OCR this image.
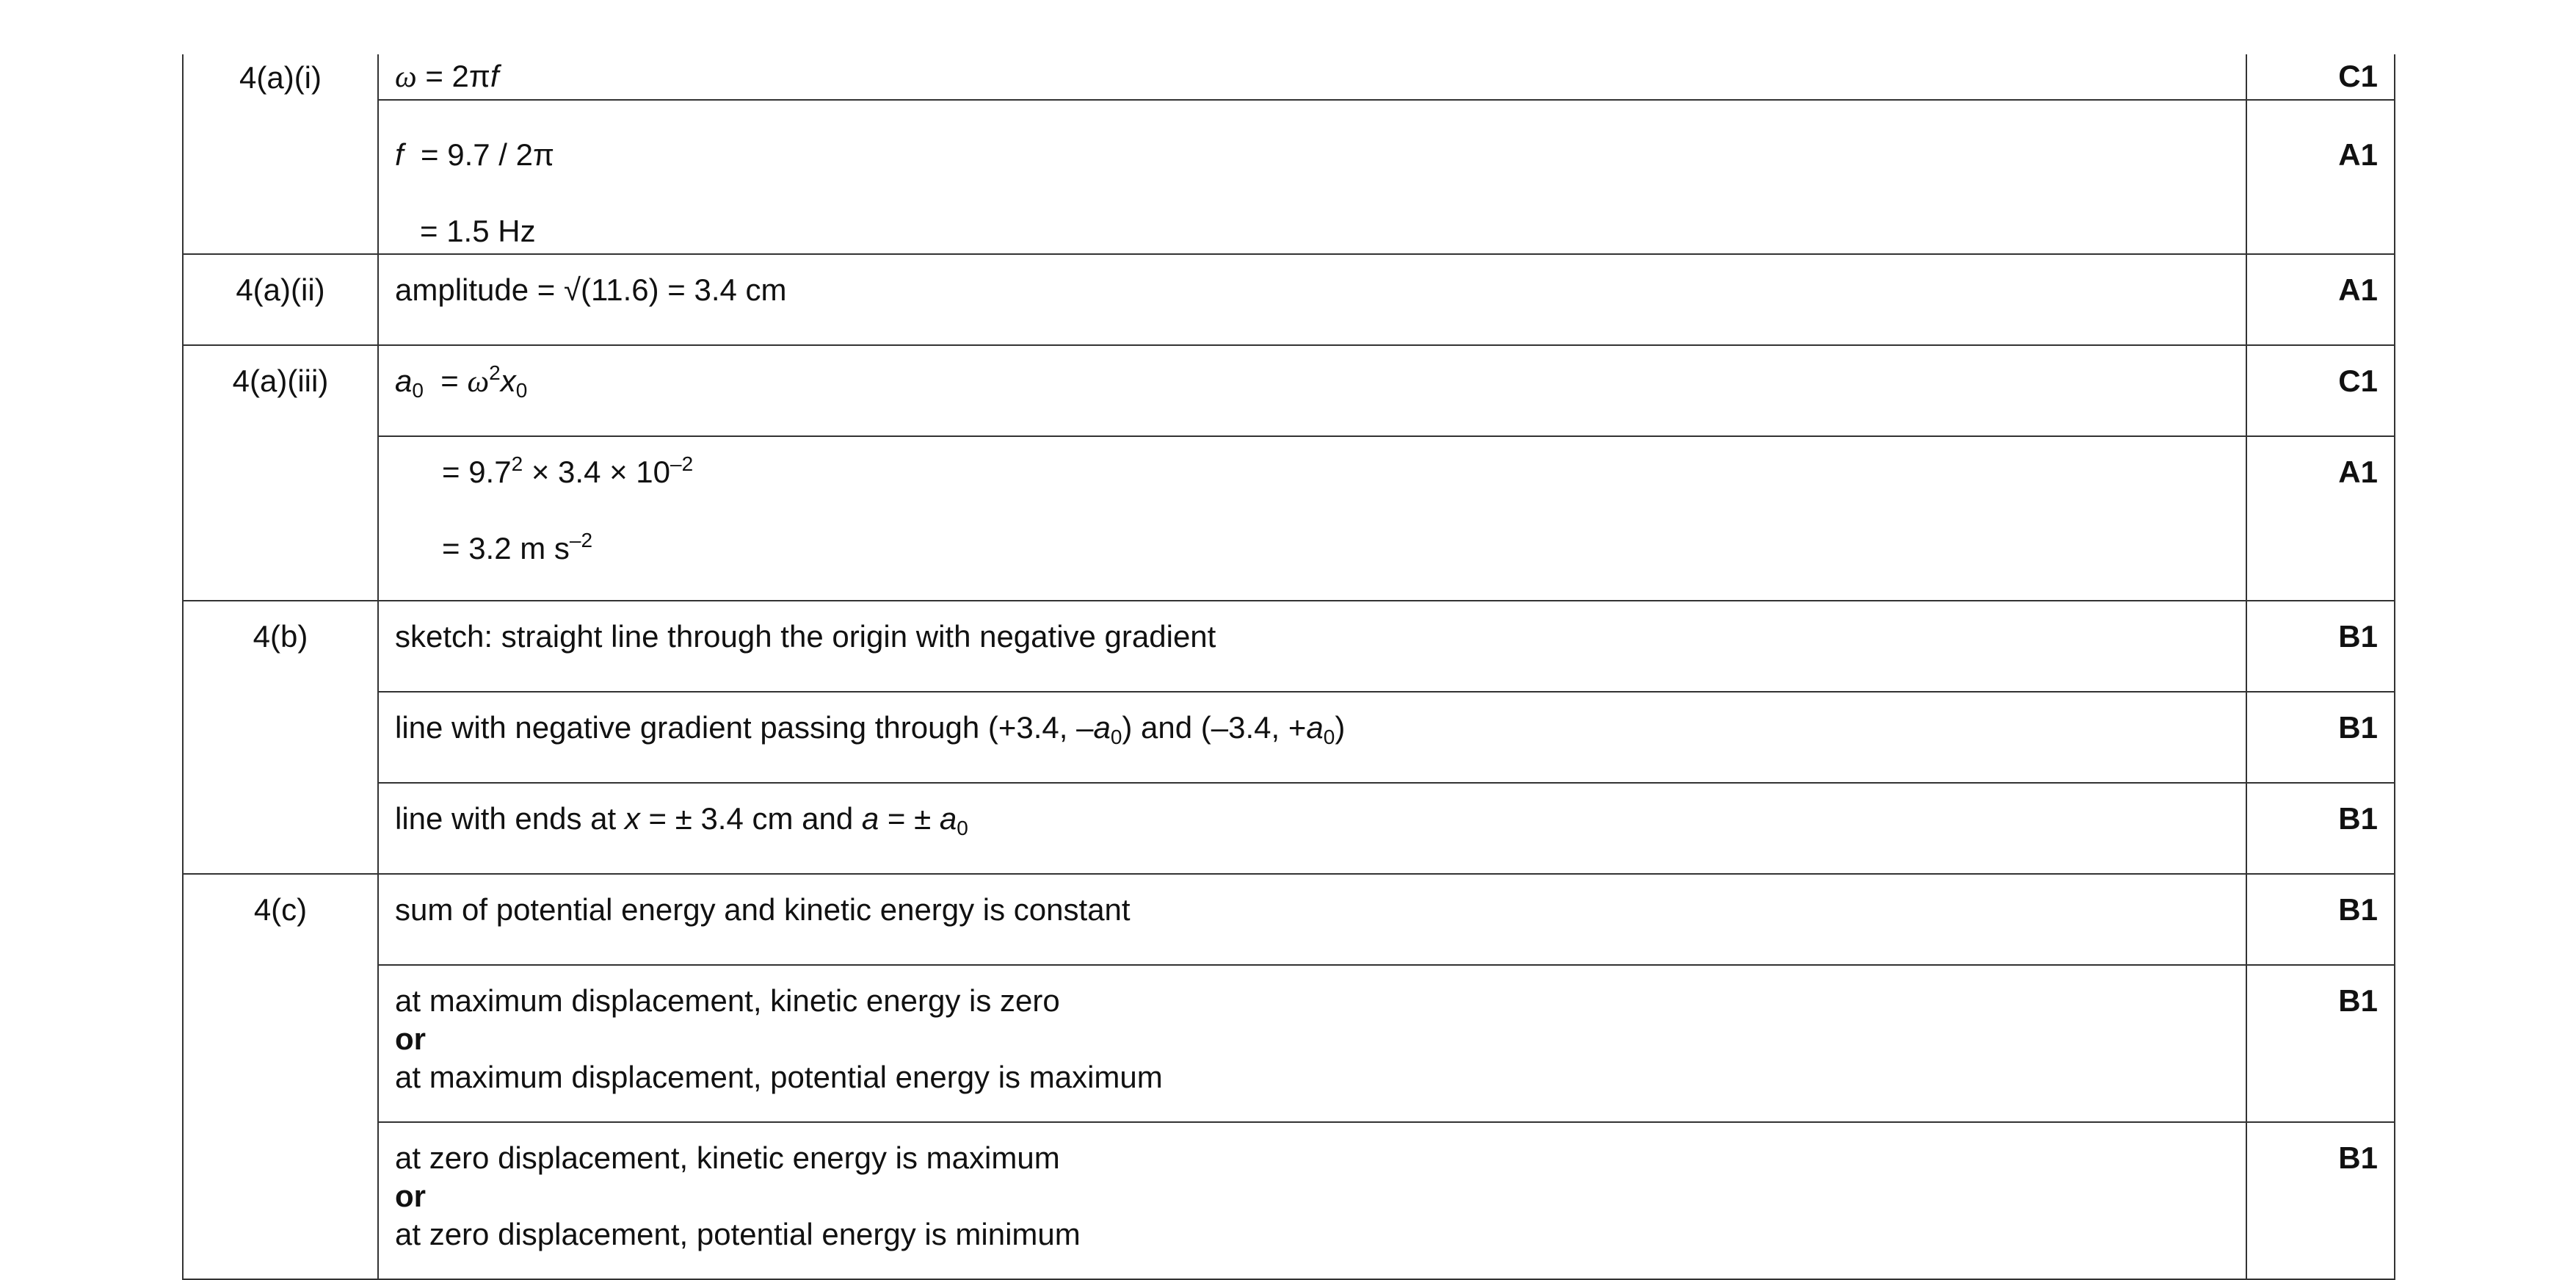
4(a)(i)	ω = 2πf	C1

	f  = 9.7 / 2π
= 1.5 Hz	A1
4(a)(ii)	amplitude = √(11.6) = 3.4 cm	A1
4(a)(iii)	$a_0 = \omega^2x_0$	C1

	= $9.7^2 \times 3.4 \times 10^{-2}$
= 3.2 m $s^{-2}$	A1
4(b)	sketch: straight line through the origin with negative gradient	B1
	line with negative gradient passing through (+3.4, $-a_0$) and (–3.4, $+a_0$)	B1
	line with ends at x = ± 3.4 cm and a = ± $a_0$	B1
4(c)	sum of potential energy and kinetic energy is constant	B1

	at maximum displacement, kinetic energy is zero
or
at maximum displacement, potential energy is maximum	B1

	at zero displacement, kinetic energy is maximum
or
at zero displacement, potential energy is minimum	B1
